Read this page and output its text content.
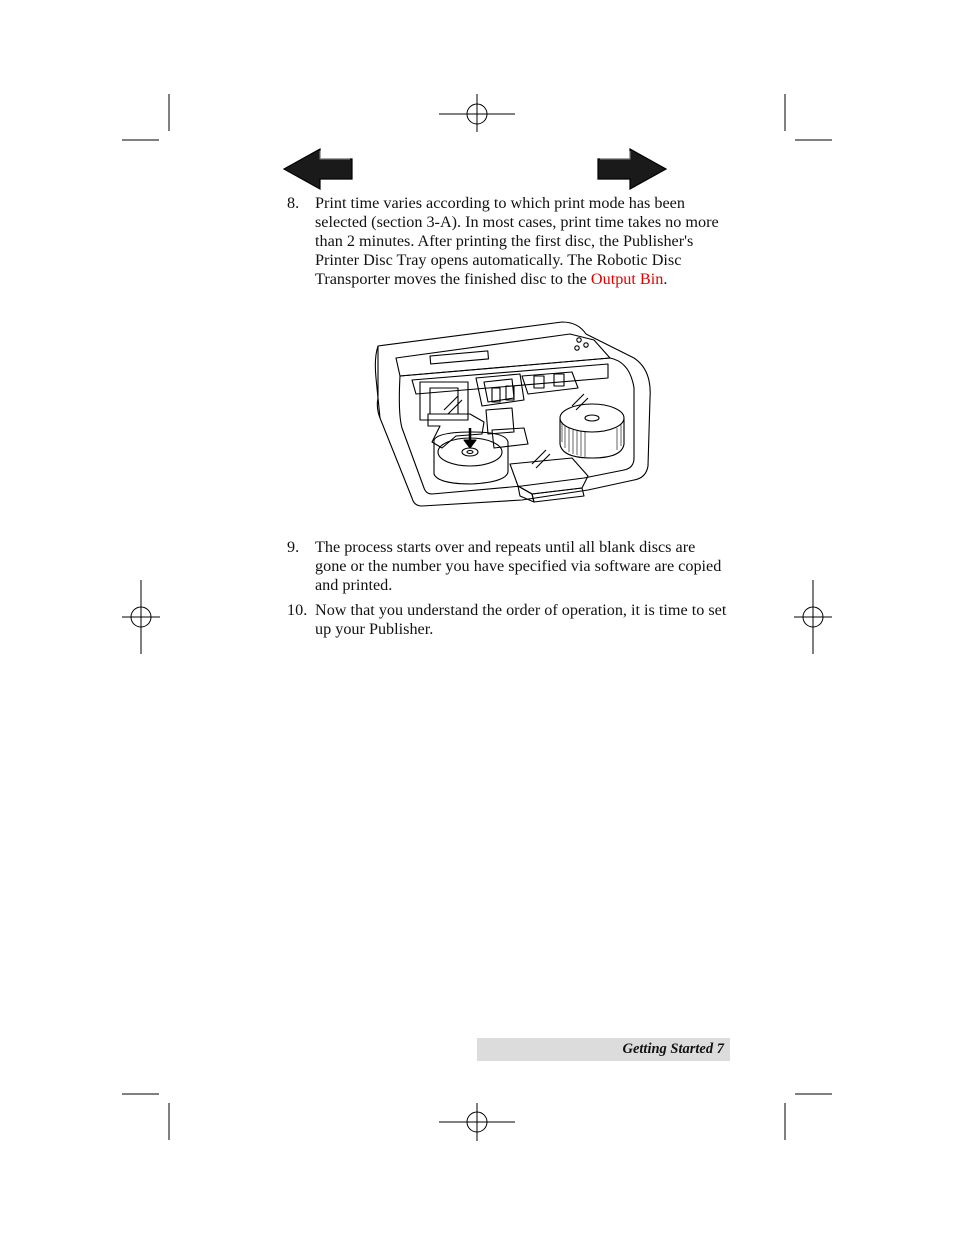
8. Print time varies according to which print mode has been selected (section 3-A). In most cases, print time takes no more than 2 minutes. After printing the first disc, the Publisher's Printer Disc Tray opens automatically. The Robotic Disc Transporter moves the finished disc to the Output Bin.
9. The process starts over and repeats until all blank discs are gone or the number you have specified via software are copied and printed.
10. Now that you understand the order of operation, it is time to set up your Publisher.
Getting Started 7
